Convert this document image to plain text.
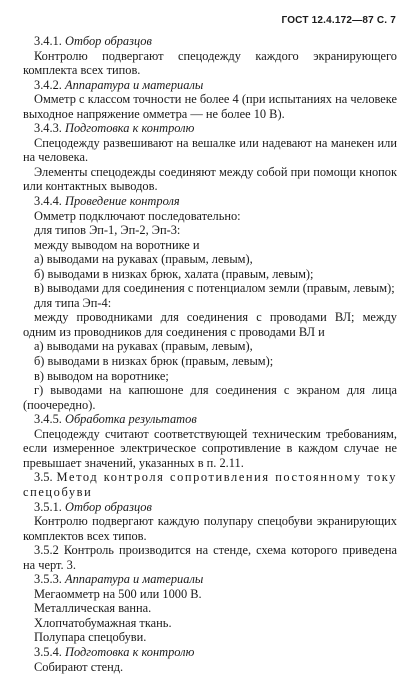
ГОСТ 12.4.172—87 С. 7

3.4.1. Отбор образцов

Контролю подвергают спецодежду каждого экранирующего комплекта всех типов.

3.4.2. Аппаратура и материалы

Омметр с классом точности не более 4 (при испытаниях на человеке выходное напряжение омметра — не более 10 В).

3.4.3. Подготовка к контролю

Спецодежду развешивают на вешалке или надевают на манекен или на человека.

Элементы спецодежды соединяют между собой при помощи кнопок или контактных выводов.

3.4.4. Проведение контроля

Омметр подключают последовательно:

для типов Эп-1, Эп-2, Эп-3:

между выводом на воротнике и

а) выводами на рукавах (правым, левым),

б) выводами в низках брюк, халата (правым, левым);

в) выводами для соединения с потенциалом земли (правым, левым);

для типа Эп-4:

между проводниками для соединения с проводами ВЛ; между одним из проводников для соединения с проводами ВЛ и

а) выводами на рукавах (правым, левым),

б) выводами в низках брюк (правым, левым);

в) выводом на воротнике;

г) выводами на капюшоне для соединения с экраном для лица (поочередно).

3.4.5. Обработка результатов

Спецодежду считают соответствующей техническим требованиям, если измеренное электрическое сопротивление в каждом случае не превышает значений, указанных в п. 2.11.

3.5. Метод контроля сопротивления постоянному току спецобуви

3.5.1. Отбор образцов

Контролю подвергают каждую полупару спецобуви экранирующих комплектов всех типов.

3.5.2 Контроль производится на стенде, схема которого приведена на черт. 3.

3.5.3. Аппаратура и материалы

Мегаомметр на 500 или 1000 В.

Металлическая ванна.

Хлопчатобумажная ткань.

Полупара спецобуви.

3.5.4. Подготовка к контролю

Собирают стенд.
